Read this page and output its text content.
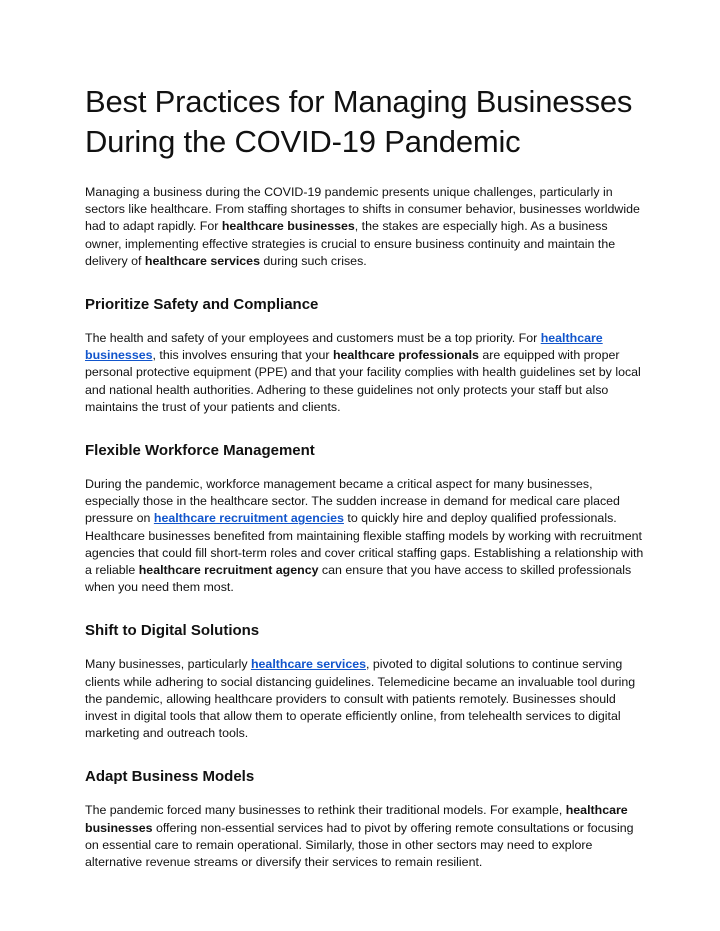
Best Practices for Managing Businesses During the COVID-19 Pandemic

Managing a business during the COVID-19 pandemic presents unique challenges, particularly in sectors like healthcare. From staffing shortages to shifts in consumer behavior, businesses worldwide had to adapt rapidly. For healthcare businesses, the stakes are especially high. As a business owner, implementing effective strategies is crucial to ensure business continuity and maintain the delivery of healthcare services during such crises.

Prioritize Safety and Compliance

The health and safety of your employees and customers must be a top priority. For healthcare businesses, this involves ensuring that your healthcare professionals are equipped with proper personal protective equipment (PPE) and that your facility complies with health guidelines set by local and national health authorities. Adhering to these guidelines not only protects your staff but also maintains the trust of your patients and clients.

Flexible Workforce Management

During the pandemic, workforce management became a critical aspect for many businesses, especially those in the healthcare sector. The sudden increase in demand for medical care placed pressure on healthcare recruitment agencies to quickly hire and deploy qualified professionals. Healthcare businesses benefited from maintaining flexible staffing models by working with recruitment agencies that could fill short-term roles and cover critical staffing gaps. Establishing a relationship with a reliable healthcare recruitment agency can ensure that you have access to skilled professionals when you need them most.

Shift to Digital Solutions

Many businesses, particularly healthcare services, pivoted to digital solutions to continue serving clients while adhering to social distancing guidelines. Telemedicine became an invaluable tool during the pandemic, allowing healthcare providers to consult with patients remotely. Businesses should invest in digital tools that allow them to operate efficiently online, from telehealth services to digital marketing and outreach tools.

Adapt Business Models

The pandemic forced many businesses to rethink their traditional models. For example, healthcare businesses offering non-essential services had to pivot by offering remote consultations or focusing on essential care to remain operational. Similarly, those in other sectors may need to explore alternative revenue streams or diversify their services to remain resilient.
